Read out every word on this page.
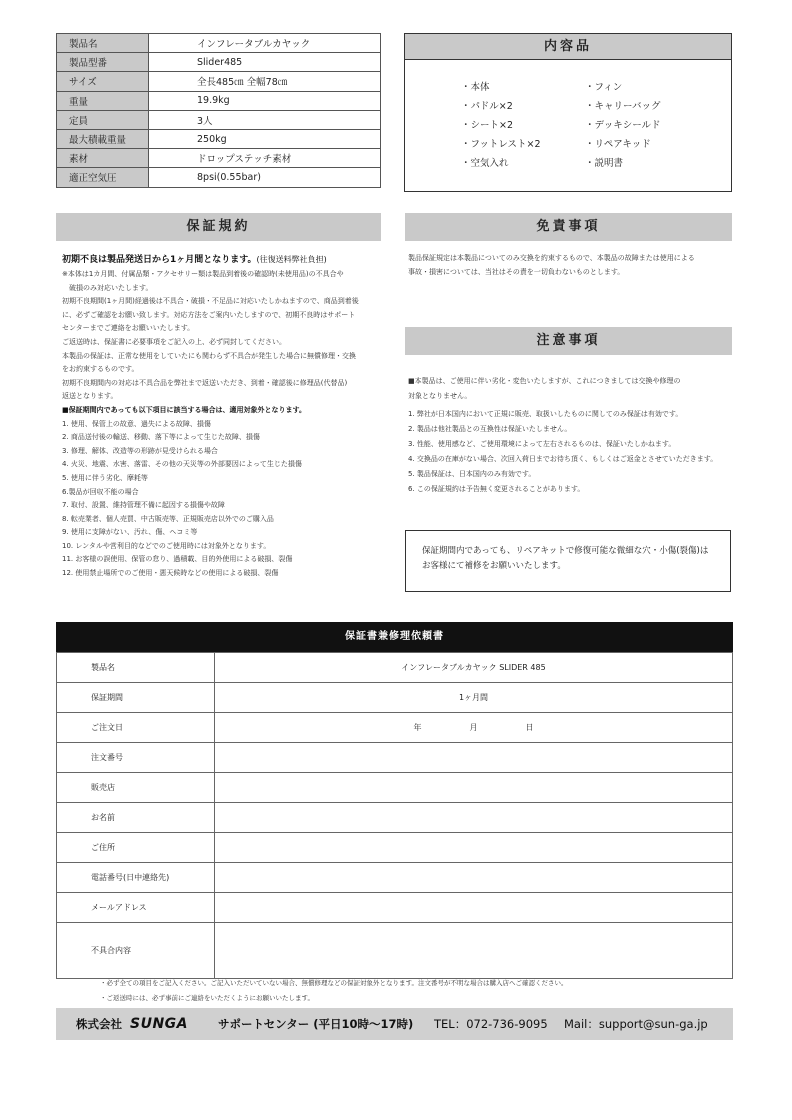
製品名	インフレータブルカヤック
製品型番	Slider485
サイズ	全長485㎝ 全幅78㎝
重量	19.9kg
定員	3人
最大積載重量	250kg
素材	ドロップステッチ素材
適正空気圧	8psi(0.55bar)
内容品
・本体
・パドル×2
・シート×2
・フットレスト×2
・空気入れ
・フィン
・キャリーバッグ
・デッキシールド
・リペアキッド
・説明書
保証規約
初期不良は製品発送日から1ヶ月間となります。(往復送料弊社負担)
※本体は1カ月間、付属品類・アクセサリー類は製品到着後の確認時(未使用品)の不具合や
　破損のみ対応いたします。
初期不良期間(1ヶ月間)経過後は不具合・破損・不足品に対応いたしかねますので、商品到着後
に、必ずご確認をお願い致します。対応方法をご案内いたしますので、初期不良時はサポート
センターまでご連絡をお願いいたします。
ご返送時は、保証書に必要事項をご記入の上、必ず同封してください。
本製品の保証は、正常な使用をしていたにも関わらず不具合が発生した場合に無償修理・交換
をお約束するものです。
初期不良期間内の対応は不具合品を弊社まで返送いただき、到着・確認後に修理品(代替品)
返送となります。
■保証期間内であっても以下項目に該当する場合は、適用対象外となります。
1. 使用、保管上の故意、過失による故障、損傷
2. 商品送付後の輸送、移動、落下等によって生じた故障、損傷
3. 修理、解体、改造等の形跡が見受けられる場合
4. 火災、地震、水害、落雷、その他の天災等の外部要因によって生じた損傷
5. 使用に伴う劣化、摩耗等
6.製品が回収不能の場合
7. 取付、設置、維持管理不備に起因する損傷や故障
8. 転売業者、個人売買、中古販売等、正規販売店以外でのご購入品
9. 使用に支障がない、汚れ、傷、ヘコミ等
10. レンタルや営利目的などでのご使用時には対象外となります。
11. お客様の誤使用、保管の怠り、過積載、目的外使用による破損、裂傷
12. 使用禁止場所でのご使用・悪天候時などの使用による破損、裂傷
免責事項
製品保証規定は本製品についてのみ交換を約束するもので、本製品の故障または使用による
事故・損害については、当社はその責を一切負わないものとします。
注意事項
■本製品は、ご使用に伴い劣化・変色いたしますが、これにつきましては交換や修理の
対象となりません。
1. 弊社が日本国内において正規に販売、取扱いしたものに関してのみ保証は有効です。
2. 製品は他社製品との互換性は保証いたしません。
3. 性能、使用感など、ご使用環境によって左右されるものは、保証いたしかねます。
4. 交換品の在庫がない場合、次回入荷日までお待ち頂く、もしくはご返金とさせていただきます。
5. 製品保証は、日本国内のみ有効です。
6. この保証規約は予告無く変更されることがあります。
保証期間内であっても、リペアキットで修復可能な微細な穴・小傷(裂傷)は
お客様にて補修をお願いいたします。
保証書兼修理依頼書
製品名	インフレータブルカヤック SLIDER 485
保証期間	1ヶ月間
ご注文日	年 月 日

注文番号	
販売店	
お名前	
ご住所	
電話番号(日中連絡先)	
メールアドレス	
不具合内容	
・必ず全ての項目をご記入ください。ご記入いただいていない場合、無償修理などの保証対象外となります。注文番号が不明な場合は購入店へご確認ください。
・ご返送時には、必ず事前にご連絡をいただくようにお願いいたします。
株式会社 SUNGA	サポートセンター (平日10時〜17時) TEL：072-736-9095 Mail：support@sun-ga.jp
